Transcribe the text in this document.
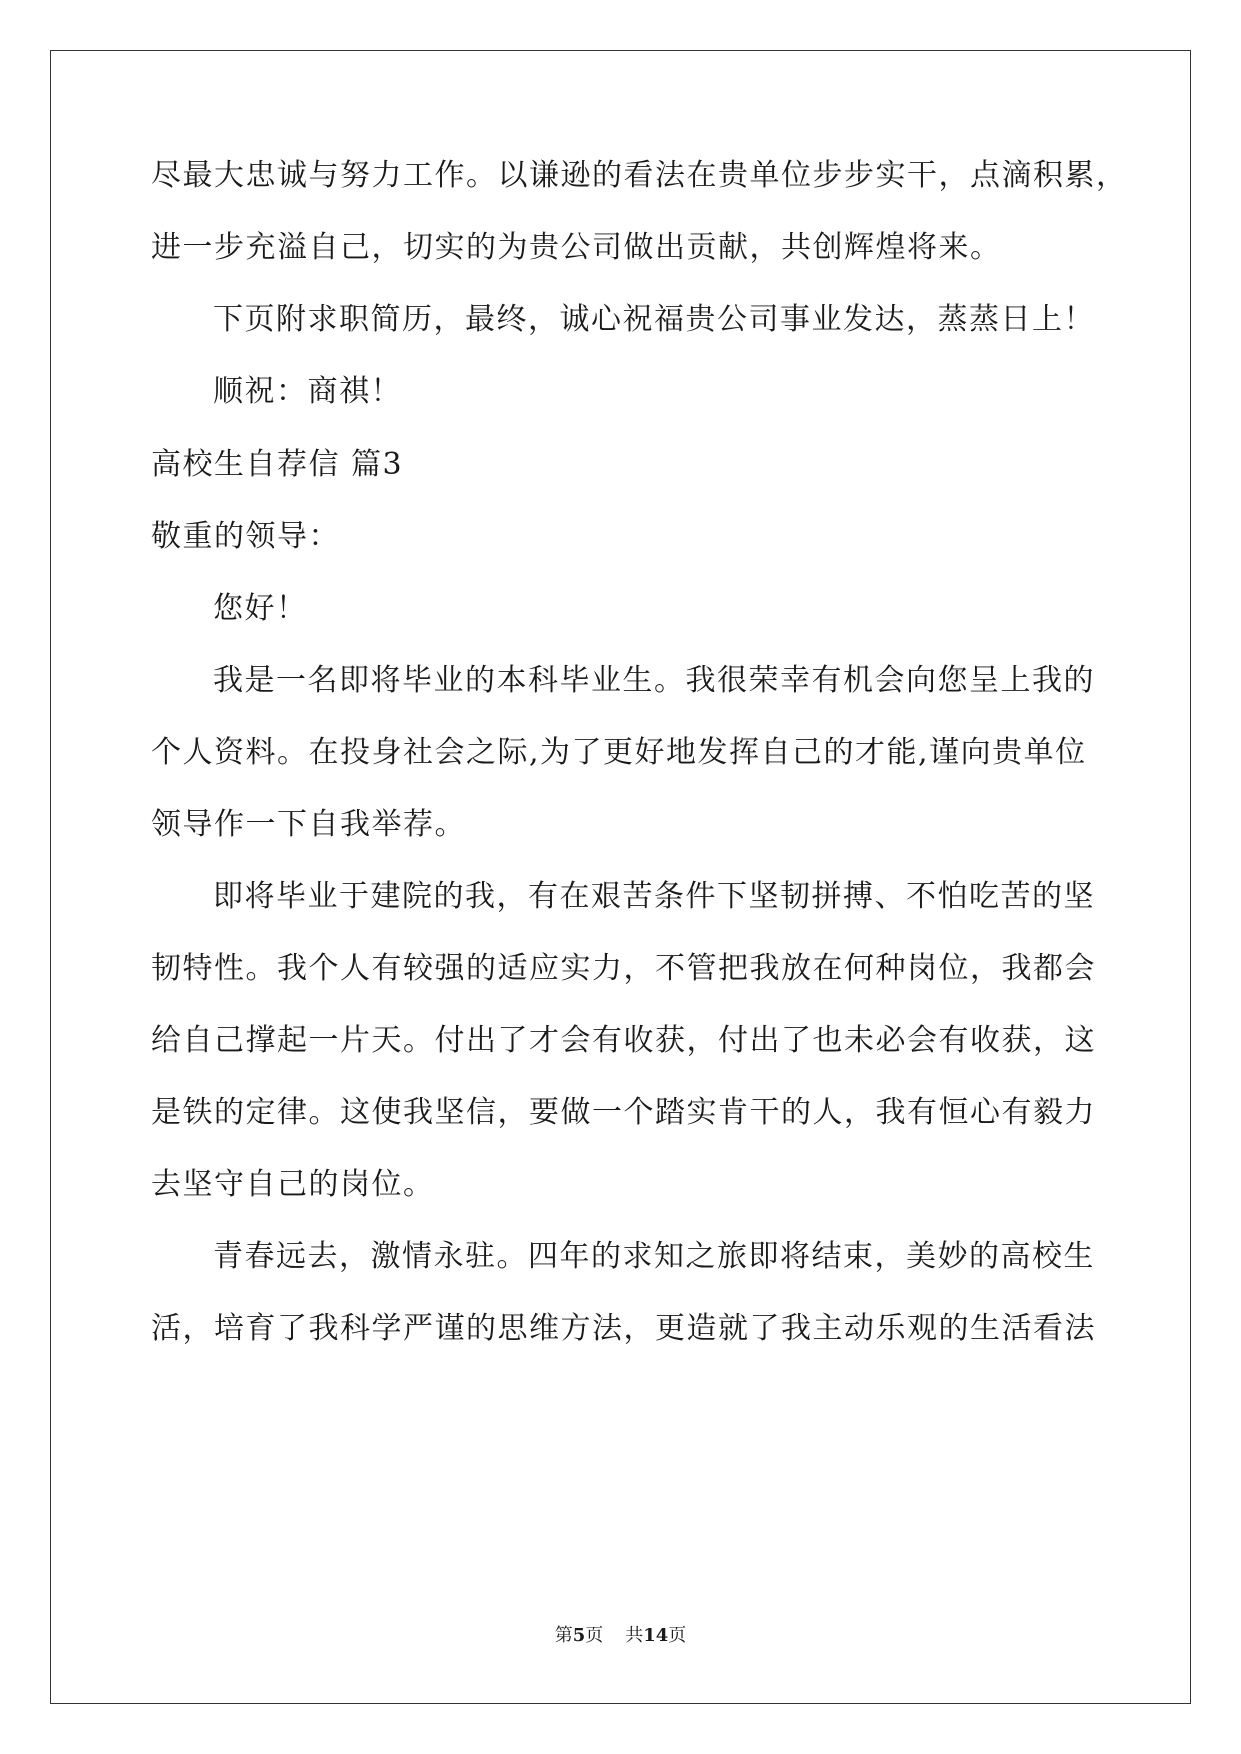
尽最大忠诚与努力工作。以谦逊的看法在贵单位步步实干，点滴积累，
进一步充溢自己，切实的为贵公司做出贡献，共创辉煌将来。
下页附求职简历，最终，诚心祝福贵公司事业发达，蒸蒸日上！
顺祝：商祺！
高校生自荐信 篇3
敬重的领导：
您好！
我是一名即将毕业的本科毕业生。我很荣幸有机会向您呈上我的
个人资料。在投身社会之际,为了更好地发挥自己的才能,谨向贵单位
领导作一下自我举荐。
即将毕业于建院的我，有在艰苦条件下坚韧拼搏、不怕吃苦的坚
韧特性。我个人有较强的适应实力，不管把我放在何种岗位，我都会
给自己撑起一片天。付出了才会有收获，付出了也未必会有收获，这
是铁的定律。这使我坚信，要做一个踏实肯干的人，我有恒心有毅力
去坚守自己的岗位。
青春远去，激情永驻。四年的求知之旅即将结束，美妙的高校生
活，培育了我科学严谨的思维方法，更造就了我主动乐观的生活看法
第5页 共14页
